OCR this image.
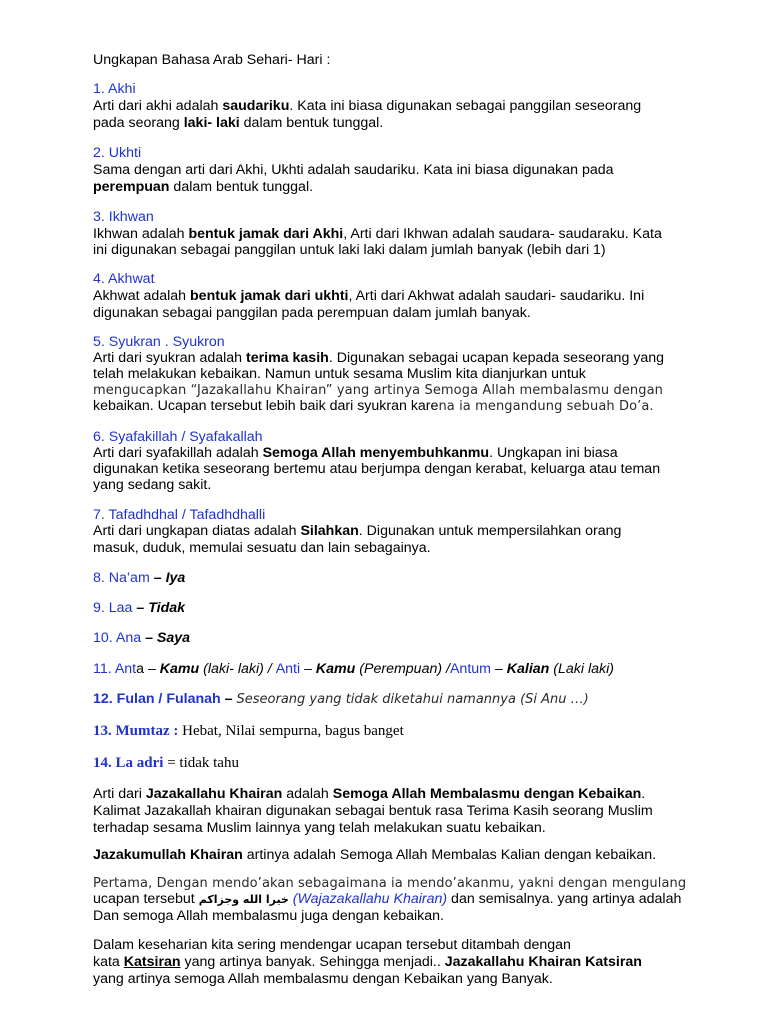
Ungkapan Bahasa Arab Sehari- Hari :
1. Akhi
Arti dari akhi adalah saudariku. Kata ini biasa digunakan sebagai panggilan seseorang
pada seorang laki- laki dalam bentuk tunggal.
2. Ukhti
Sama dengan arti dari Akhi, Ukhti adalah saudariku. Kata ini biasa digunakan pada
perempuan dalam bentuk tunggal.
3. Ikhwan
Ikhwan adalah bentuk jamak dari Akhi, Arti dari Ikhwan adalah saudara- saudaraku. Kata
ini digunakan sebagai panggilan untuk laki laki dalam jumlah banyak (lebih dari 1)
4. Akhwat
Akhwat adalah bentuk jamak dari ukhti, Arti dari Akhwat adalah saudari- saudariku. Ini
digunakan sebagai panggilan pada perempuan dalam jumlah banyak.
5. Syukran . Syukron
Arti dari syukran adalah terima kasih. Digunakan sebagai ucapan kepada seseorang yang
telah melakukan kebaikan. Namun untuk sesama Muslim kita dianjurkan untuk
mengucapkan “Jazakallahu Khairan” yang artinya Semoga Allah membalasmu dengan
kebaikan. Ucapan tersebut lebih baik dari syukran karena ia mengandung sebuah Do’a.
6. Syafakillah / Syafakallah
Arti dari syafakillah adalah Semoga Allah menyembuhkanmu. Ungkapan ini biasa
digunakan ketika seseorang bertemu atau berjumpa dengan kerabat, keluarga atau teman
yang sedang sakit.
7. Tafadhdhal / Tafadhdhalli
Arti dari ungkapan diatas adalah Silahkan. Digunakan untuk mempersilahkan orang
masuk, duduk, memulai sesuatu dan lain sebagainya.
8. Na’am – Iya
9. Laa – Tidak
10. Ana – Saya
11. Anta – Kamu (laki- laki) / Anti – Kamu (Perempuan) /Antum – Kalian (Laki laki)
12. Fulan / Fulanah – Seseorang yang tidak diketahui namannya (Si Anu …)
13. Mumtaz : Hebat, Nilai sempurna, bagus banget
14. La adri = tidak tahu
Arti dari Jazakallahu Khairan adalah Semoga Allah Membalasmu dengan Kebaikan.
Kalimat Jazakallah khairan digunakan sebagai bentuk rasa Terima Kasih seorang Muslim
terhadap sesama Muslim lainnya yang telah melakukan suatu kebaikan.
Jazakumullah Khairan artinya adalah Semoga Allah Membalas Kalian dengan kebaikan.
Pertama, Dengan mendo’akan sebagaimana ia mendo’akanmu, yakni dengan mengulang
ucapan tersebut خيرا الله وجزاكم (Wajazakallahu Khairan) dan semisalnya. yang artinya adalah
Dan semoga Allah membalasmu juga dengan kebaikan.
Dalam keseharian kita sering mendengar ucapan tersebut ditambah dengan
kata Katsiran yang artinya banyak. Sehingga menjadi.. Jazakallahu Khairan Katsiran
yang artinya semoga Allah membalasmu dengan Kebaikan yang Banyak.
